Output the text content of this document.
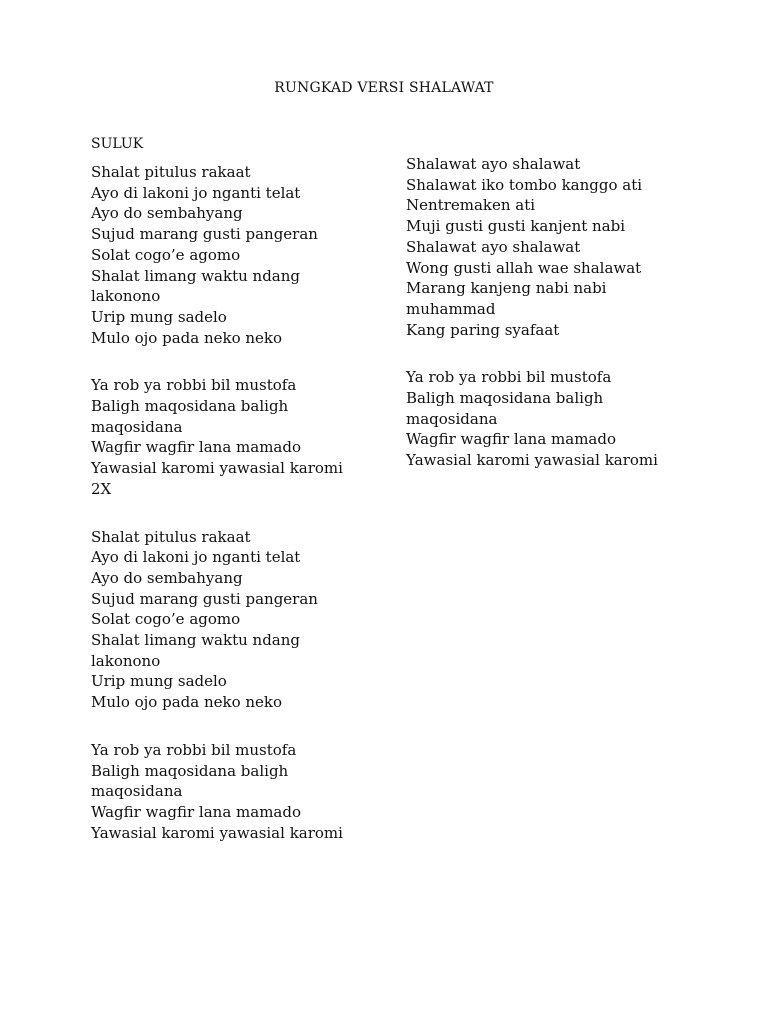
RUNGKAD VERSI SHALAWAT
SULUK
Shalat pitulus rakaat
Ayo di lakoni jo nganti telat
Ayo do sembahyang
Sujud marang gusti pangeran
Solat cogo’e agomo
Shalat limang waktu ndang lakonono
Urip mung sadelo
Mulo ojo pada neko neko
Ya rob ya robbi bil mustofa
Baligh maqosidana baligh maqosidana
Wagfir wagfir lana mamado
Yawasial karomi yawasial karomi 2X
Shalat pitulus rakaat
Ayo di lakoni jo nganti telat
Ayo do sembahyang
Sujud marang gusti pangeran
Solat cogo’e agomo
Shalat limang waktu ndang lakonono
Urip mung sadelo
Mulo ojo pada neko neko
Ya rob ya robbi bil mustofa
Baligh maqosidana baligh maqosidana
Wagfir wagfir lana mamado
Yawasial karomi yawasial karomi
Shalawat ayo shalawat
Shalawat iko tombo kanggo ati
Nentremaken ati
Muji gusti gusti kanjent nabi
Shalawat ayo shalawat
Wong gusti allah wae shalawat
Marang kanjeng nabi nabi muhammad
Kang paring syafaat
Ya rob ya robbi bil mustofa
Baligh maqosidana baligh maqosidana
Wagfir wagfir lana mamado
Yawasial karomi yawasial karomi
